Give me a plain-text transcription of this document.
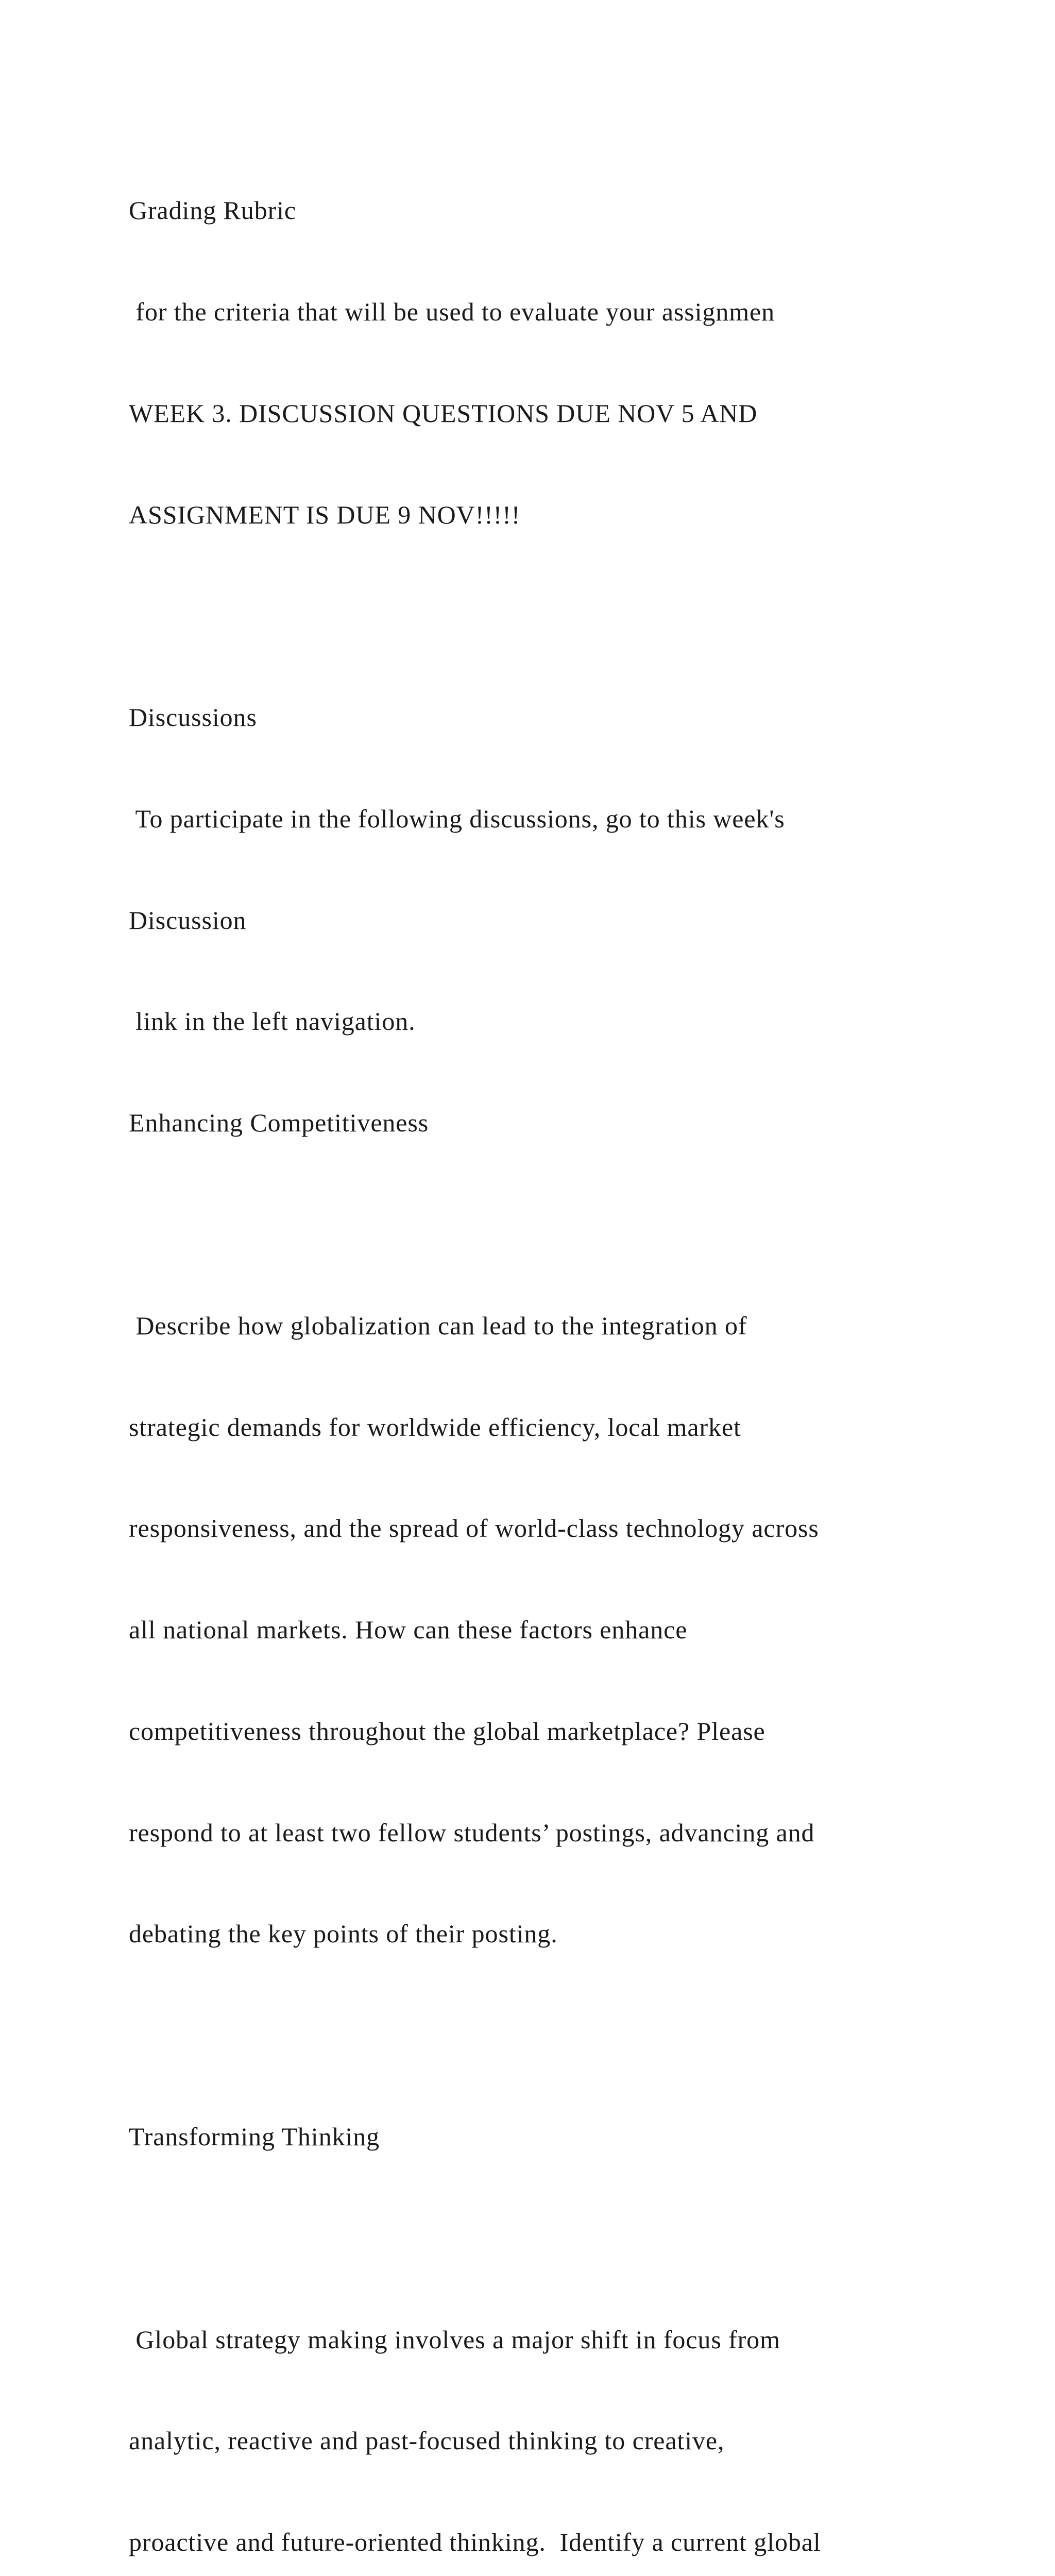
Grading Rubric

for the criteria that will be used to evaluate your assignmen

WEEK 3. DISCUSSION QUESTIONS DUE NOV 5 AND

ASSIGNMENT IS DUE 9 NOV!!!!!

Discussions

To participate in the following discussions, go to this week's

Discussion

link in the left navigation.

Enhancing Competitiveness

Describe how globalization can lead to the integration of

strategic demands for worldwide efficiency, local market

responsiveness, and the spread of world-class technology across

all national markets. How can these factors enhance

competitiveness throughout the global marketplace? Please

respond to at least two fellow students’ postings, advancing and

debating the key points of their posting.

Transforming Thinking

Global strategy making involves a major shift in focus from

analytic, reactive and past-focused thinking to creative,

proactive and future-oriented thinking.  Identify a current global
